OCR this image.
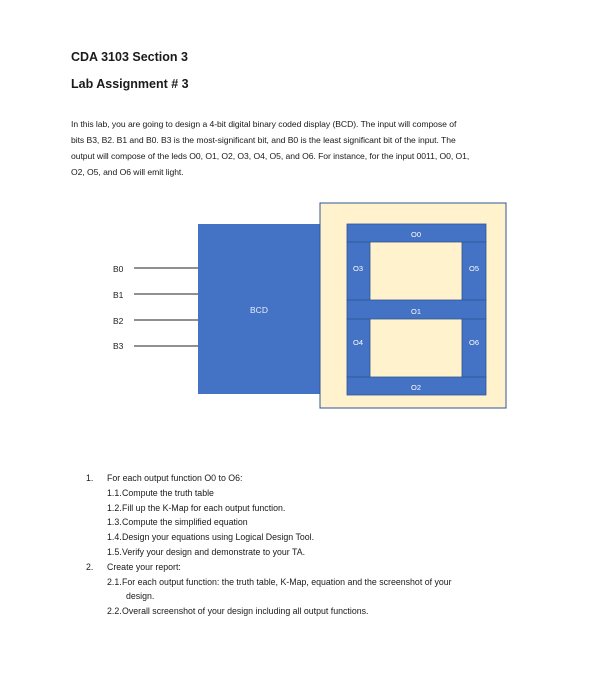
CDA 3103 Section 3
Lab Assignment # 3
In this lab, you are going to design a 4-bit digital binary coded display (BCD). The input will compose of
bits B3, B2. B1 and B0. B3 is the most-significant bit, and B0 is the least significant bit of the input. The
output will compose of the leds O0, O1, O2, O3, O4, O5, and O6. For instance, for the input 0011, O0, O1,
O2, O5, and O6 will emit light.
B0
B1
B2
B3
BCD
O0
O3	O5
O1
O4	O6
O2
1. For each output function O0 to O6:
1.1.Compute the truth table
1.2.Fill up the K-Map for each output function.
1.3.Compute the simplified equation
1.4.Design your equations using Logical Design Tool.
1.5.Verify your design and demonstrate to your TA.
2. Create your report:
2.1.For each output function: the truth table, K-Map, equation and the screenshot of your
design.
2.2.Overall screenshot of your design including all output functions.
